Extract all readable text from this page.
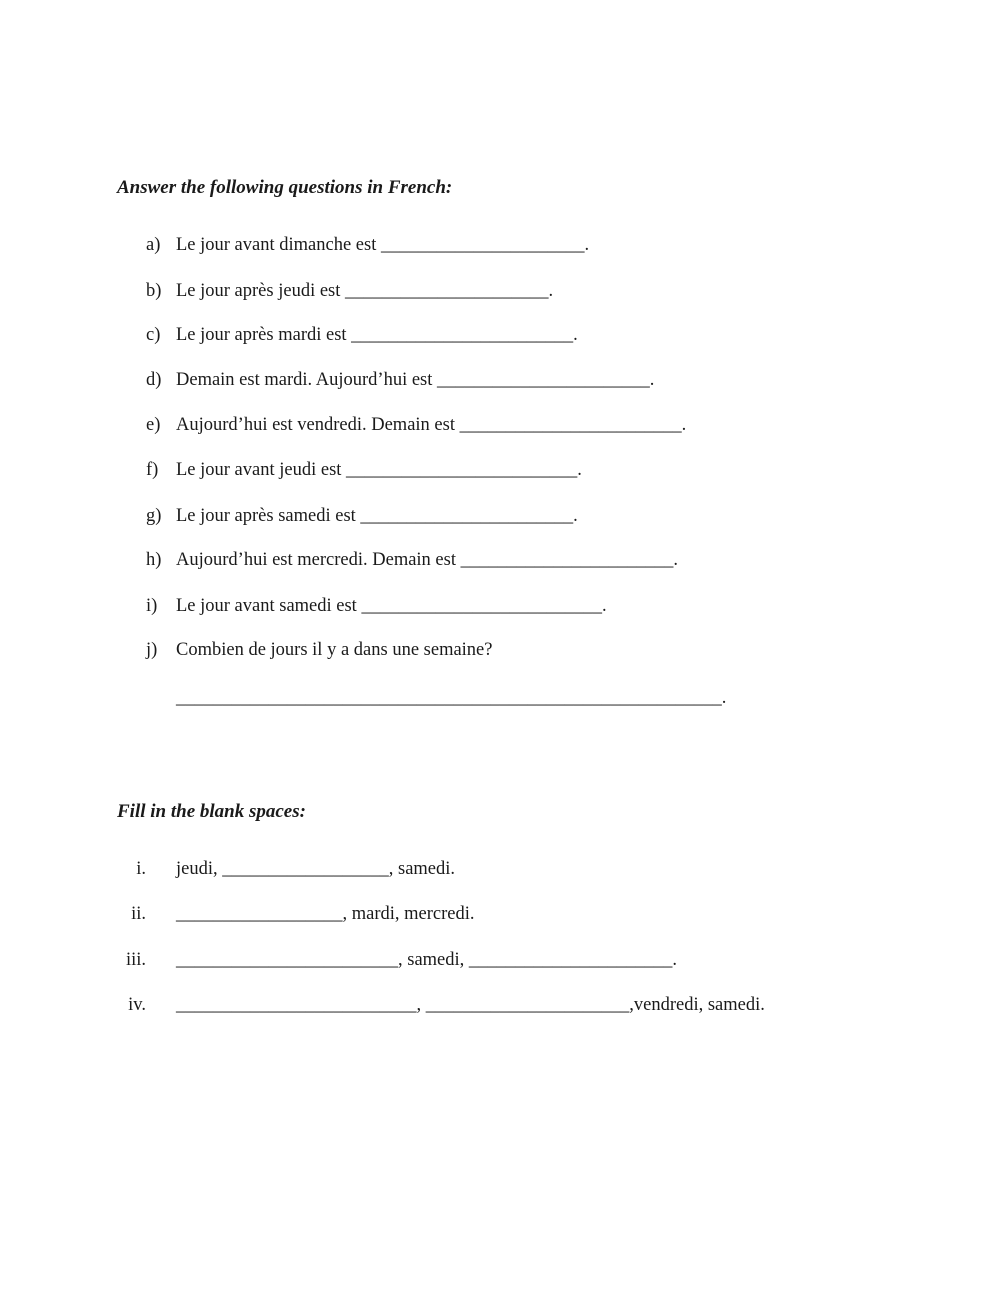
Answer the following questions in French:
a) Le jour avant dimanche est ______________________.
b) Le jour après jeudi est ______________________.
c) Le jour après mardi est ________________________.
d) Demain est mardi. Aujourd’hui est _______________________.
e) Aujourd’hui est vendredi. Demain est ________________________.
f) Le jour avant jeudi est _________________________.
g) Le jour après samedi est _______________________.
h) Aujourd’hui est mercredi. Demain est _______________________.
i) Le jour avant samedi est __________________________.
j) Combien de jours il y a dans une semaine?
___________________________________________________________.
Fill in the blank spaces:
i. jeudi, __________________, samedi.
ii. __________________, mardi, mercredi.
iii. ________________________, samedi, ______________________.
iv. __________________________, ______________________,vendredi, samedi.
